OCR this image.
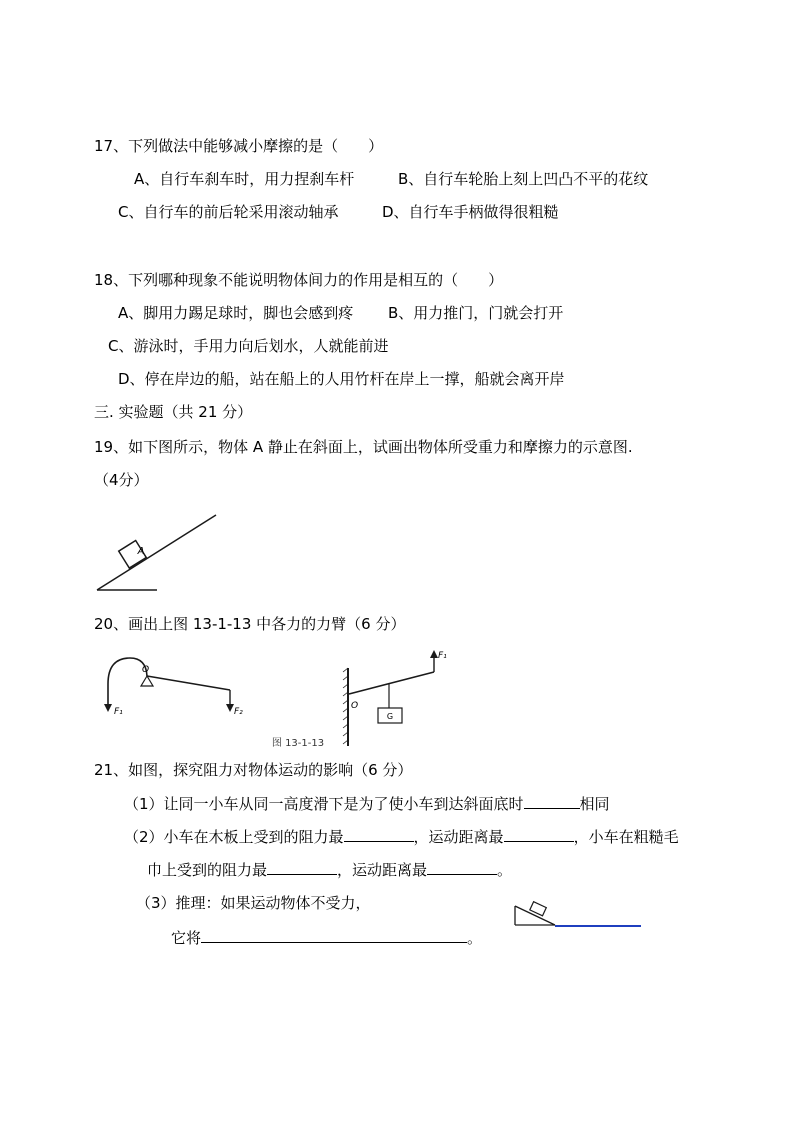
17、下列做法中能够减小摩擦的是（　　）
A、自行车刹车时，用力捏刹车杆	B、自行车轮胎上刻上凹凸不平的花纹
C、自行车的前后轮采用滚动轴承	D、自行车手柄做得很粗糙
18、下列哪种现象不能说明物体间力的作用是相互的（　　）
A、脚用力踢足球时，脚也会感到疼 B、用力推门，门就会打开
C、游泳时，手用力向后划水，人就能前进
D、停在岸边的船，站在船上的人用竹杆在岸上一撑，船就会离开岸
三. 实验题（共 21 分）
19、如下图所示，物体 A 静止在斜面上，试画出物体所受重力和摩擦力的示意图.
（4分）
A
20、画出上图 13-1-13 中各力的力臂（6 分）
F₁
O
F₂
O
F₁
G
图 13-1-13
21、如图，探究阻力对物体运动的影响（6 分）
（1）让同一小车从同一高度滑下是为了使小车到达斜面底时	相同
（2）小车在木板上受到的阻力最	，运动距离最	，小车在粗糙毛
巾上受到的阻力最	，运动距离最	。
（3）推理：如果运动物体不受力，
它将	。
